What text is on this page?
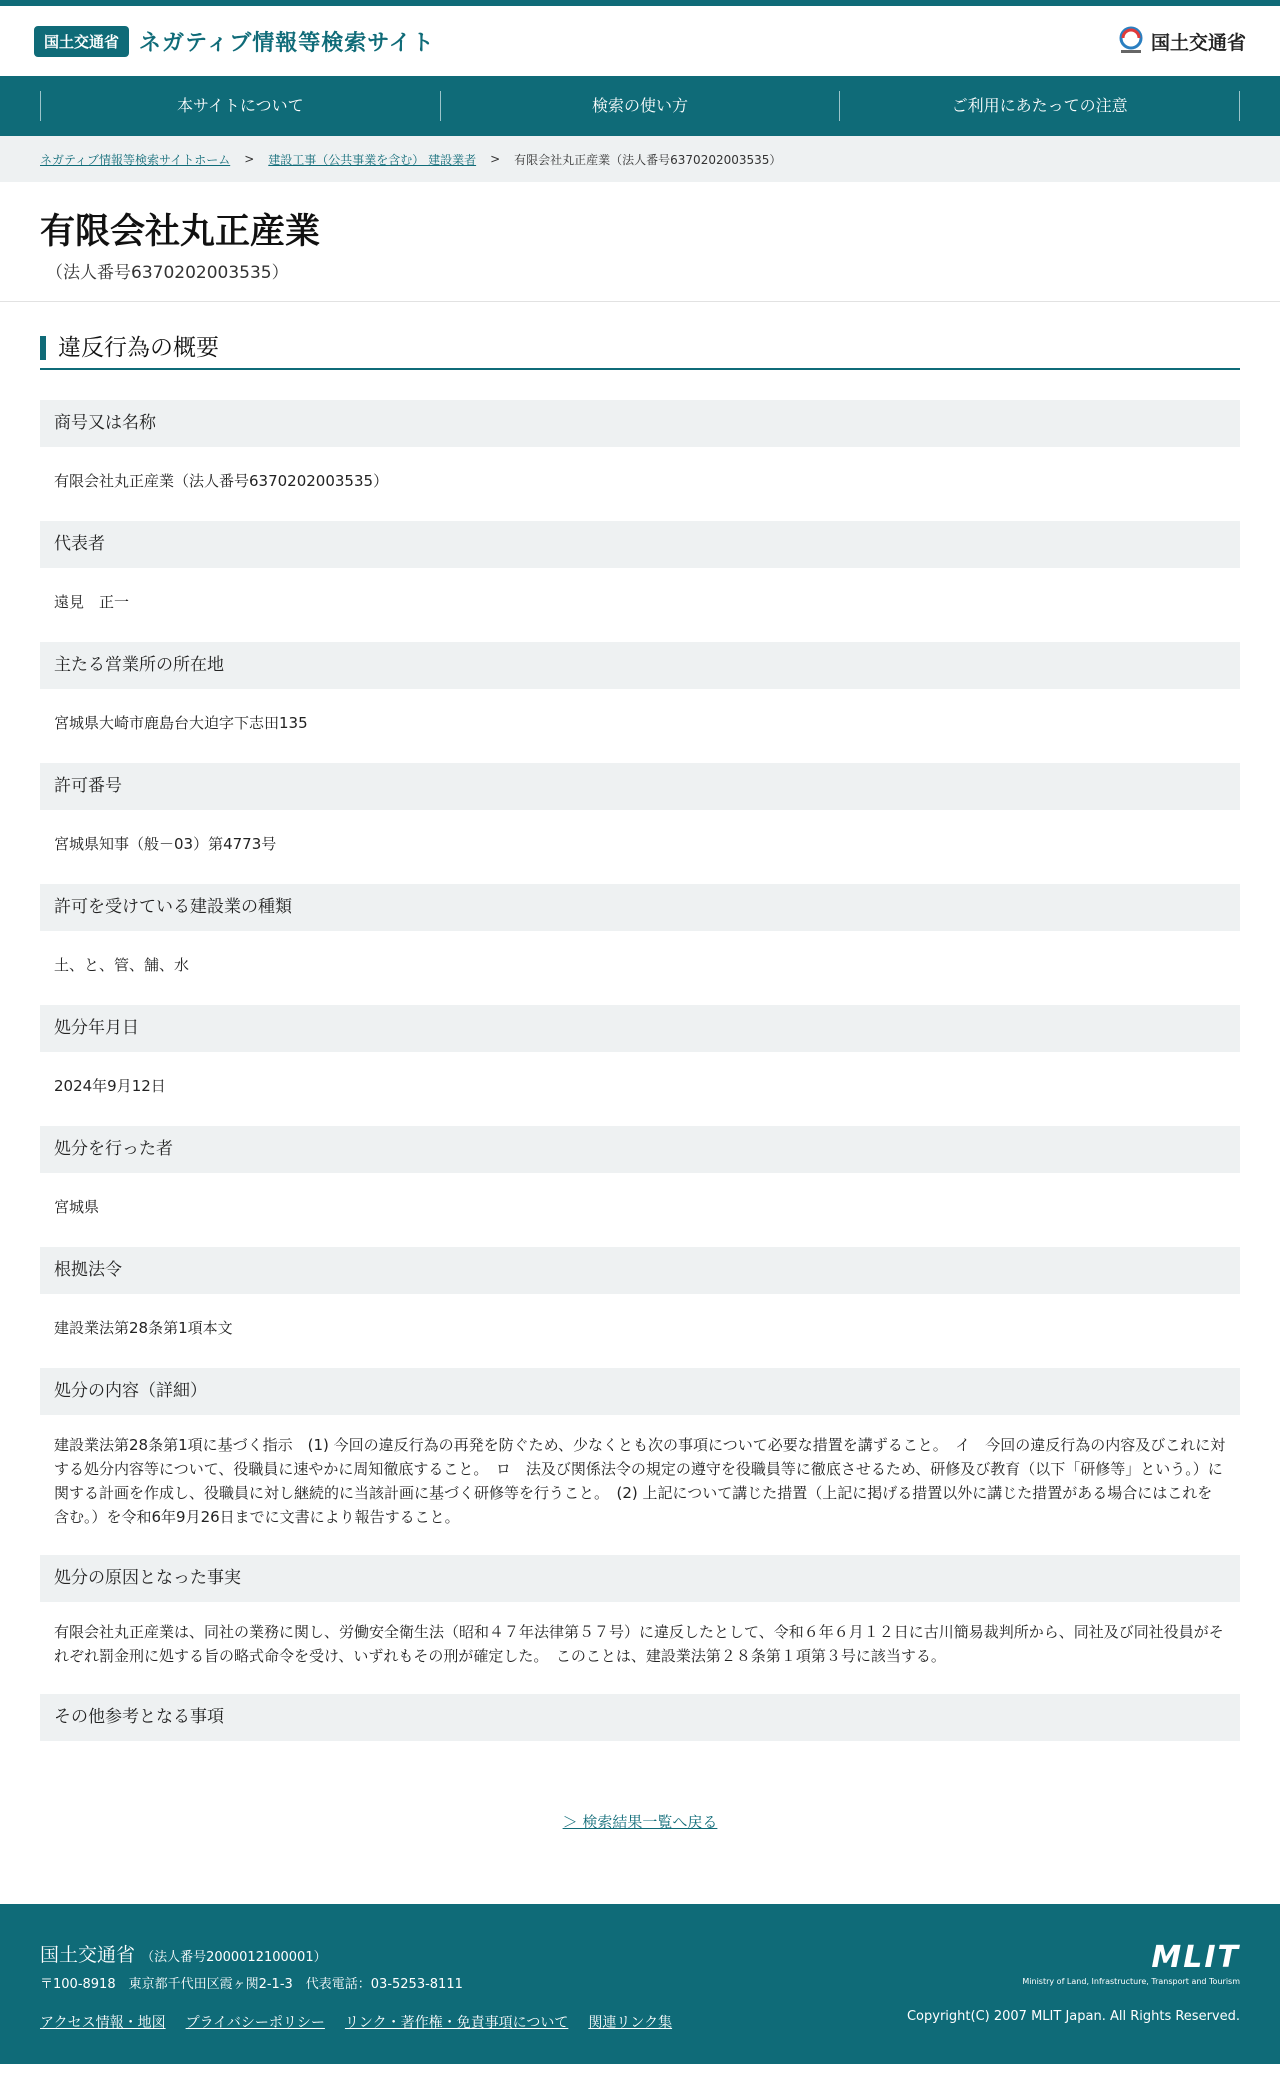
国土交通省 ネガティブ情報等検索サイト	国土交通省
本サイトについて	検索の使い方	ご利用にあたっての注意
ネガティブ情報等検索サイトホーム > 建設工事（公共事業を含む） 建設業者 > 有限会社丸正産業（法人番号6370202003535）
有限会社丸正産業
（法人番号6370202003535）
違反行為の概要
商号又は名称
有限会社丸正産業（法人番号6370202003535）
代表者
遠見　正一
主たる営業所の所在地
宮城県大崎市鹿島台大迫字下志田135
許可番号
宮城県知事（般－03）第4773号
許可を受けている建設業の種類
土、と、管、舗、水
処分年月日
2024年9月12日
処分を行った者
宮城県
根拠法令
建設業法第28条第1項本文
処分の内容（詳細）
建設業法第28条第1項に基づく指示　(1) 今回の違反行為の再発を防ぐため、少なくとも次の事項について必要な措置を講ずること。　イ　今回の違反行為の内容及びこれに対する処分内容等について、役職員に速やかに周知徹底すること。　ロ　法及び関係法令の規定の遵守を役職員等に徹底させるため、研修及び教育（以下「研修等」という。）に関する計画を作成し、役職員に対し継続的に当該計画に基づく研修等を行うこと。　(2) 上記について講じた措置（上記に掲げる措置以外に講じた措置がある場合にはこれを含む。）を令和6年9月26日までに文書により報告すること。
処分の原因となった事実
有限会社丸正産業は、同社の業務に関し、労働安全衛生法（昭和４７年法律第５７号）に違反したとして、令和６年６月１２日に古川簡易裁判所から、同社及び同社役員がそれぞれ罰金刑に処する旨の略式命令を受け、いずれもその刑が確定した。　このことは、建設業法第２８条第１項第３号に該当する。
その他参考となる事項
＞ 検索結果一覧へ戻る
国土交通省 （法人番号2000012100001）
〒100-8918　東京都千代田区霞ヶ関2-1-3　代表電話：03-5253-8111
アクセス情報・地図 プライバシーポリシー リンク・著作権・免責事項について 関連リンク集
MLIT
Ministry of Land, Infrastructure, Transport and Tourism
Copyright(C) 2007 MLIT Japan. All Rights Reserved.
